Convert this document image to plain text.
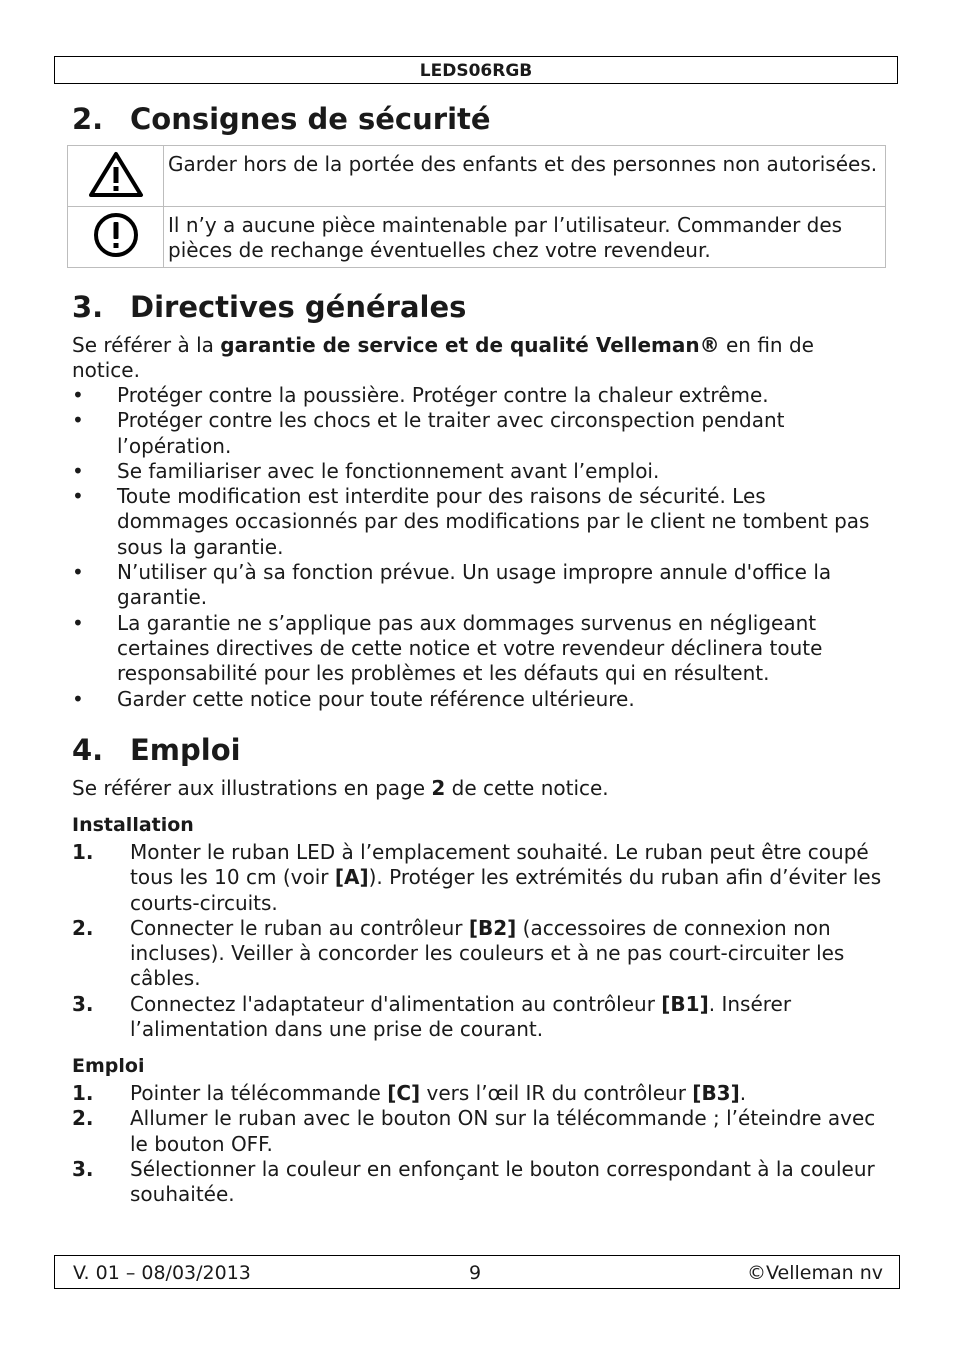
LEDS06RGB
2. Consignes de sécurité
	Garder hors de la portée des enfants et des personnes non autorisées.
	Il n’y a aucune pièce maintenable par l’utilisateur. Commander des pièces de rechange éventuelles chez votre revendeur.
3. Directives générales
Se référer à la garantie de service et de qualité Velleman® en fin de notice.
• Protéger contre la poussière. Protéger contre la chaleur extrême.
• Protéger contre les chocs et le traiter avec circonspection pendant l’opération.
• Se familiariser avec le fonctionnement avant l’emploi.
• Toute modification est interdite pour des raisons de sécurité. Les dommages occasionnés par des modifications par le client ne tombent pas sous la garantie.
• N’utiliser qu’à sa fonction prévue. Un usage impropre annule d'office la garantie.
• La garantie ne s’applique pas aux dommages survenus en négligeant certaines directives de cette notice et votre revendeur déclinera toute responsabilité pour les problèmes et les défauts qui en résultent.
• Garder cette notice pour toute référence ultérieure.
4. Emploi
Se référer aux illustrations en page 2 de cette notice.
Installation
1. Monter le ruban LED à l’emplacement souhaité. Le ruban peut être coupé tous les 10 cm (voir [A]). Protéger les extrémités du ruban afin d’éviter les courts-circuits.
2. Connecter le ruban au contrôleur [B2] (accessoires de connexion non incluses). Veiller à concorder les couleurs et à ne pas court-circuiter les câbles.
3. Connectez l'adaptateur d'alimentation au contrôleur [B1]. Insérer l’alimentation dans une prise de courant.
Emploi
1. Pointer la télécommande [C] vers l’œil IR du contrôleur [B3].
2. Allumer le ruban avec le bouton ON sur la télécommande ; l’éteindre avec le bouton OFF.
3. Sélectionner la couleur en enfonçant le bouton correspondant à la couleur souhaitée.
V. 01 – 08/03/2013	9	©Velleman nv
